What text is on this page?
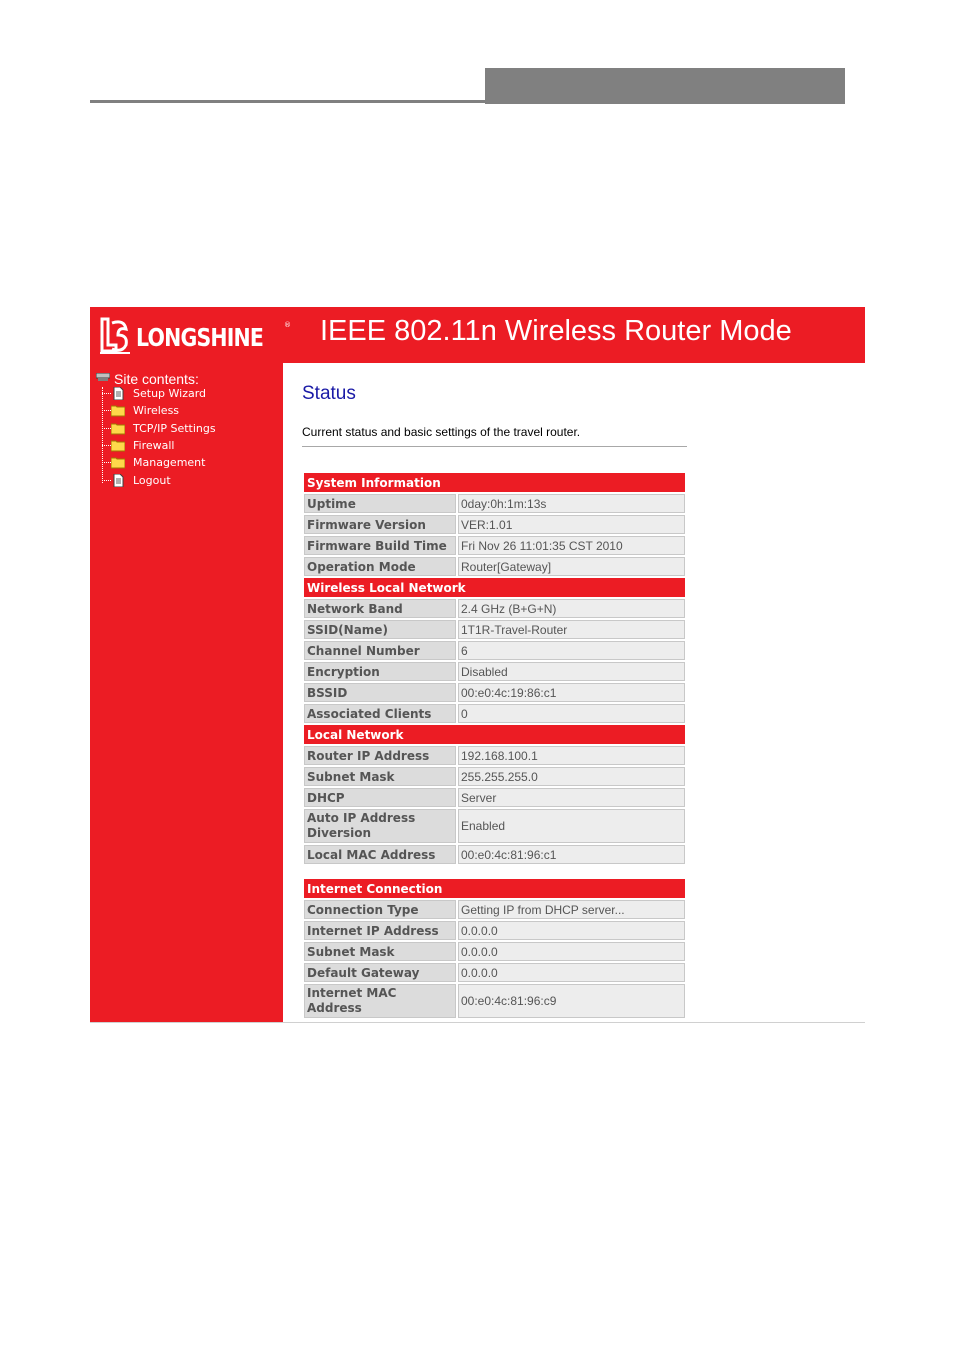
LONGSHINE	® IEEE 802.11n Wireless Router Mode
Site contents:
Setup Wizard
Wireless
TCP/IP Settings
Firewall
Management
Logout
Status
Current status and basic settings of the travel router.
System Information	
Uptime	0day:0h:1m:13s
Firmware Version	VER:1.01
Firmware Build Time	Fri Nov 26 11:01:35 CST 2010
Operation Mode	Router[Gateway]
Wireless Local Network	
Network Band	2.4 GHz (B+G+N)
SSID(Name)	1T1R-Travel-Router
Channel Number	6
Encryption	Disabled
BSSID	00:e0:4c:19:86:c1
Associated Clients	0
Local Network	
Router IP Address	192.168.100.1
Subnet Mask	255.255.255.0
DHCP	Server
Auto IP Address Diversion	Enabled
Local MAC Address	00:e0:4c:81:96:c1

Internet Connection	
Connection Type	Getting IP from DHCP server...
Internet IP Address	0.0.0.0
Subnet Mask	0.0.0.0
Default Gateway	0.0.0.0
Internet MAC Address	00:e0:4c:81:96:c9
